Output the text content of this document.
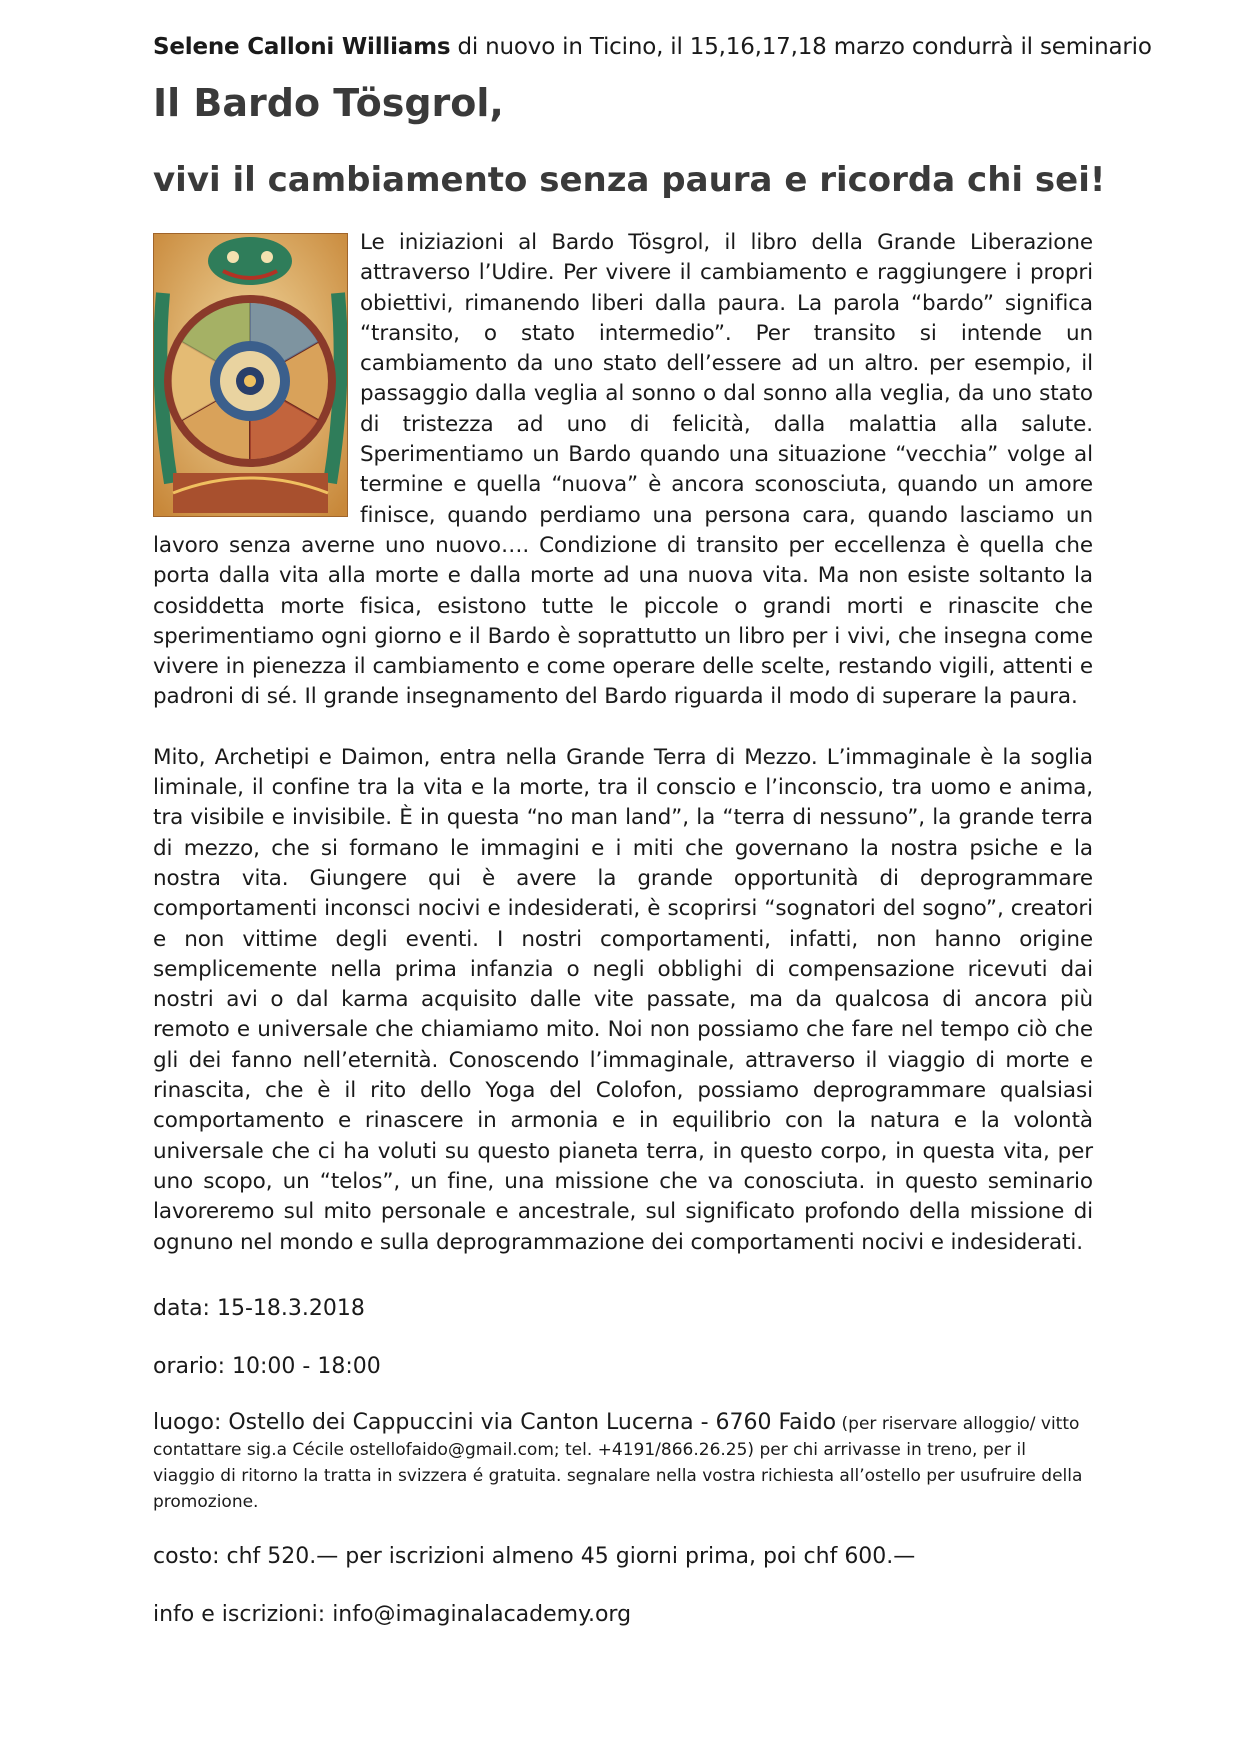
Selene Calloni Williams di nuovo in Ticino, il 15,16,17,18 marzo condurrà il seminario

Il Bardo Tösgrol,
vivi il cambiamento senza paura e ricorda chi sei!

Le iniziazioni al Bardo Tösgrol, il libro della Grande Liberazione attraverso l’Udire. Per vivere il cambiamento e raggiungere i propri obiettivi, rimanendo liberi dalla paura. La parola “bardo” significa “transito, o stato intermedio”. Per transito si intende un cambiamento da uno stato dell’essere ad un altro. per esempio, il passaggio dalla veglia al sonno o dal sonno alla veglia, da uno stato di tristezza ad uno di felicità, dalla malattia alla salute. Sperimentiamo un Bardo quando una situazione “vecchia” volge al termine e quella “nuova” è ancora sconosciuta, quando un amore finisce, quando perdiamo una persona cara, quando lasciamo un lavoro senza averne uno nuovo…. Condizione di transito per eccellenza è quella che porta dalla vita alla morte e dalla morte ad una nuova vita. Ma non esiste soltanto la cosiddetta morte fisica, esistono tutte le piccole o grandi morti e rinascite che sperimentiamo ogni giorno e il Bardo è soprattutto un libro per i vivi, che insegna come vivere in pienezza il cambiamento e come operare delle scelte, restando vigili, attenti e padroni di sé. Il grande insegnamento del Bardo riguarda il modo di superare la paura.

Mito, Archetipi e Daimon, entra nella Grande Terra di Mezzo. L’immaginale è la soglia liminale, il confine tra la vita e la morte, tra il conscio e l’inconscio, tra uomo e anima, tra visibile e invisibile. È in questa “no man land”, la “terra di nessuno”, la grande terra di mezzo, che si formano le immagini e i miti che governano la nostra psiche e la nostra vita. Giungere qui è avere la grande opportunità di deprogrammare comportamenti inconsci nocivi e indesiderati, è scoprirsi “sognatori del sogno”, creatori e non vittime degli eventi. I nostri comportamenti, infatti, non hanno origine semplicemente nella prima infanzia o negli obblighi di compensazione ricevuti dai nostri avi o dal karma acquisito dalle vite passate, ma da qualcosa di ancora più remoto e universale che chiamiamo mito. Noi non possiamo che fare nel tempo ciò che gli dei fanno nell’eternità. Conoscendo l’immaginale, attraverso il viaggio di morte e rinascita, che è il rito dello Yoga del Colofon, possiamo deprogrammare qualsiasi comportamento e rinascere in armonia e in equilibrio con la natura e la volontà universale che ci ha voluti su questo pianeta terra, in questo corpo, in questa vita, per uno scopo, un “telos”, un fine, una missione che va conosciuta. in questo seminario lavoreremo sul mito personale e ancestrale, sul significato profondo della missione di ognuno nel mondo e sulla deprogrammazione dei comportamenti nocivi e indesiderati.

data: 15-18.3.2018

orario: 10:00 - 18:00

luogo: Ostello dei Cappuccini via Canton Lucerna - 6760 Faido (per riservare alloggio/ vitto contattare sig.a Cécile ostellofaido@gmail.com; tel. +4191/866.26.25) per chi arrivasse in treno, per il viaggio di ritorno la tratta in svizzera é gratuita. segnalare nella vostra richiesta all’ostello per usufruire della promozione.

costo: chf 520.— per iscrizioni almeno 45 giorni prima, poi chf 600.—

info e iscrizioni: info@imaginalacademy.org
